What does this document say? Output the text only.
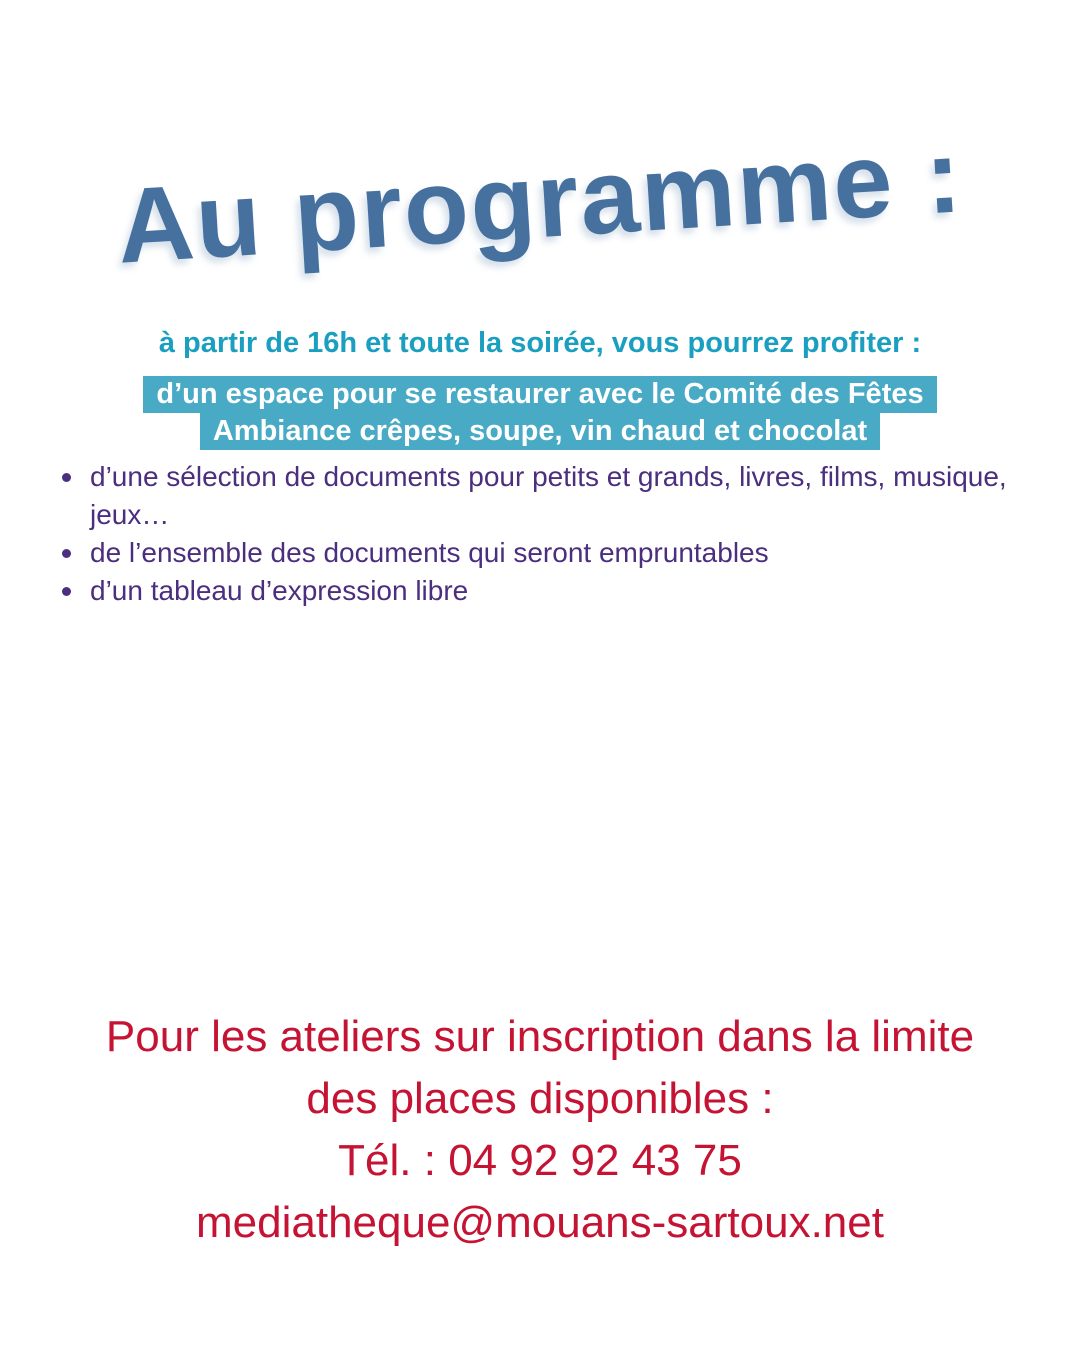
Au programme :

à partir de 16h et toute la soirée, vous pourrez profiter :

d’un espace pour se restaurer avec le Comité des Fêtes
Ambiance crêpes, soupe, vin chaud et chocolat
d’une sélection de documents pour petits et grands, livres, films, musique, jeux…
de l’ensemble des documents qui seront empruntables
d’un tableau d’expression libre

Pour les ateliers sur inscription dans la limite

des places disponibles :

Tél. : 04 92 92 43 75

mediatheque@mouans-sartoux.net
